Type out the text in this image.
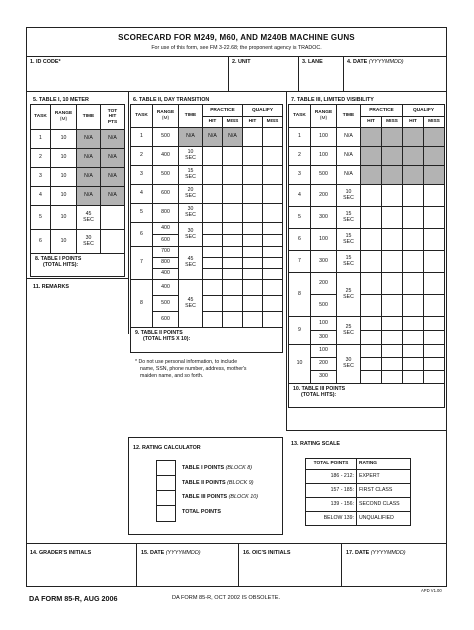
SCORECARD FOR M249, M60, AND M240B MACHINE GUNS
For use of this form, see FM 3-22.68; the proponent agency is TRADOC.
1. ID CODE*	2. UNIT	3. LANE	4. DATE (YYYYMMDD)
5. TABLE I, 10 METER
TASK	RANGE
(M)	TIME	TOT
HIT
PTS
1	10	N/A	N/A
2	10	N/A	N/A
3	10	N/A	N/A
4	10	N/A	N/A
5	10	45
SEC	
6	10	30
SEC	
8. TABLE I POINTS
(TOTAL HITS):			
11. REMARKS
6. TABLE II, DAY TRANSITION
TASK	RANGE
(M)	TIME	PRACTICE		QUALIFY	
			HIT	MISS	HIT	MISS
1	500	N/A	N/A	N/A		
2	400	10
SEC				
3	500	15
SEC				
4	600	20
SEC				
5	800	30
SEC				
6	400	30
SEC				
	600					
7	700	45
SEC				
	800					
	400					
8	400	45
SEC				
	500					
	600					
9. TABLE II POINTS
(TOTAL HITS X 10):						
* Do not use personal information, to include
name, SSN, phone number, address, mother's
maiden name, and so forth.
7. TABLE III, LIMITED VISIBILITY
TASK	RANGE
(M)	TIME	PRACTICE		QUALIFY	
			HIT	MISS	HIT	MISS
1	100	N/A				
2	100	N/A				
3	500	N/A				
4	200	10
SEC				
5	300	15
SEC				
6	100	15
SEC				
7	300	15
SEC				
8	200	25
SEC				
	500					
9	100	25
SEC				
	300					
10	100	30
SEC				
	200					
	300					
10. TABLE III POINTS
(TOTAL HITS):						
12. RATING CALCULATOR

TABLE I POINTS (BLOCK 8)
TABLE II POINTS (BLOCK 9)
TABLE III POINTS (BLOCK 10)
TOTAL POINTS
13. RATING SCALE
TOTAL POINTS	RATING
186 - 212:	EXPERT
157 - 185:	FIRST CLASS
139 - 156:	SECOND CLASS
BELOW 139:	UNQUALIFIED
14. GRADER'S INITIALS	15. DATE (YYYYMMDD)	16. OIC'S INITIALS	17. DATE (YYYYMMDD)
APD V1.00
DA FORM 85-R, AUG 2006	DA FORM 85-R, OCT 2002 IS OBSOLETE.
